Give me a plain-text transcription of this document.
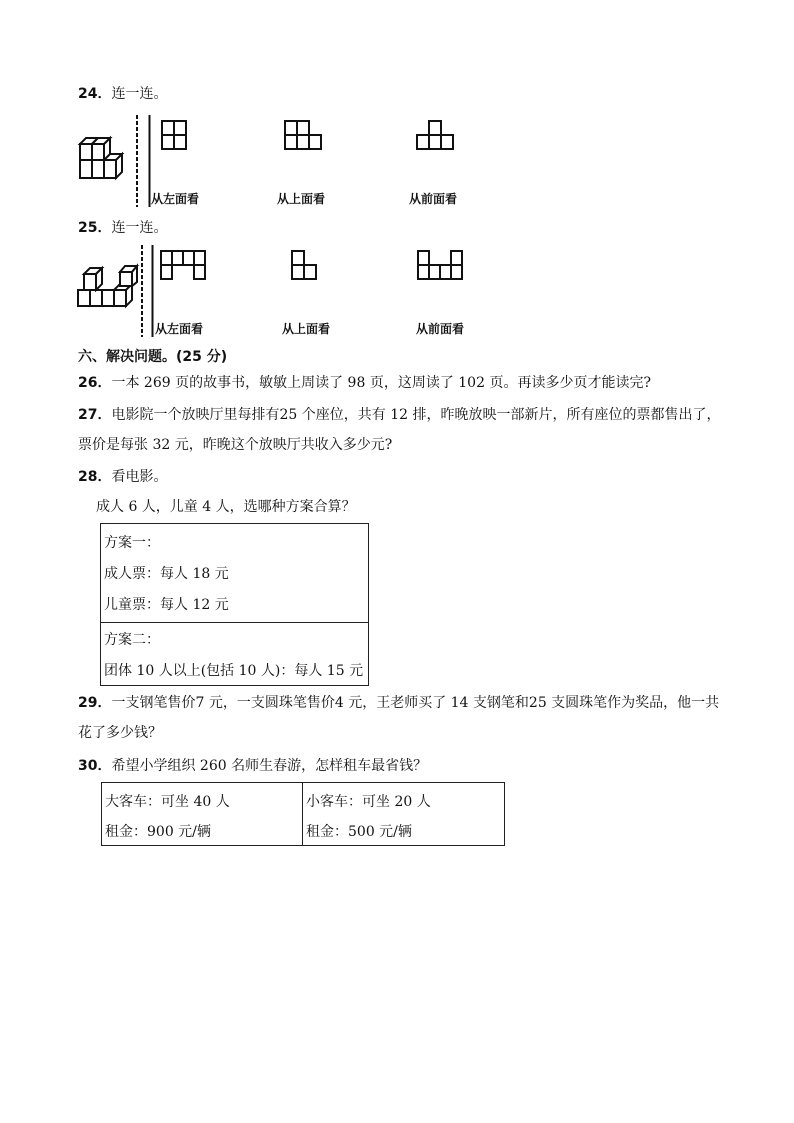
24．连一连。
从左面看	从上面看	从前面看
25．连一连。
从左面看	从上面看	从前面看
六、解决问题。(25 分)
26．一本 269 页的故事书，敏敏上周读了 98 页，这周读了 102 页。再读多少页才能读完?
27．电影院一个放映厅里每排有25 个座位，共有 12 排，昨晚放映一部新片，所有座位的票都售出了，
票价是每张 32 元，昨晚这个放映厅共收入多少元?
28．看电影。
成人 6 人，儿童 4 人，选哪种方案合算？
方案一：
成人票：每人 18 元
儿童票：每人 12 元
方案二：
团体 10 人以上(包括 10 人)：每人 15 元
29．一支钢笔售价7 元，一支圆珠笔售价4 元，王老师买了 14 支钢笔和25 支圆珠笔作为奖品，他一共
花了多少钱？
30．希望小学组织 260 名师生春游，怎样租车最省钱？
大客车：可坐 40 人
租金：900 元/辆
小客车：可坐 20 人
租金：500 元/辆
